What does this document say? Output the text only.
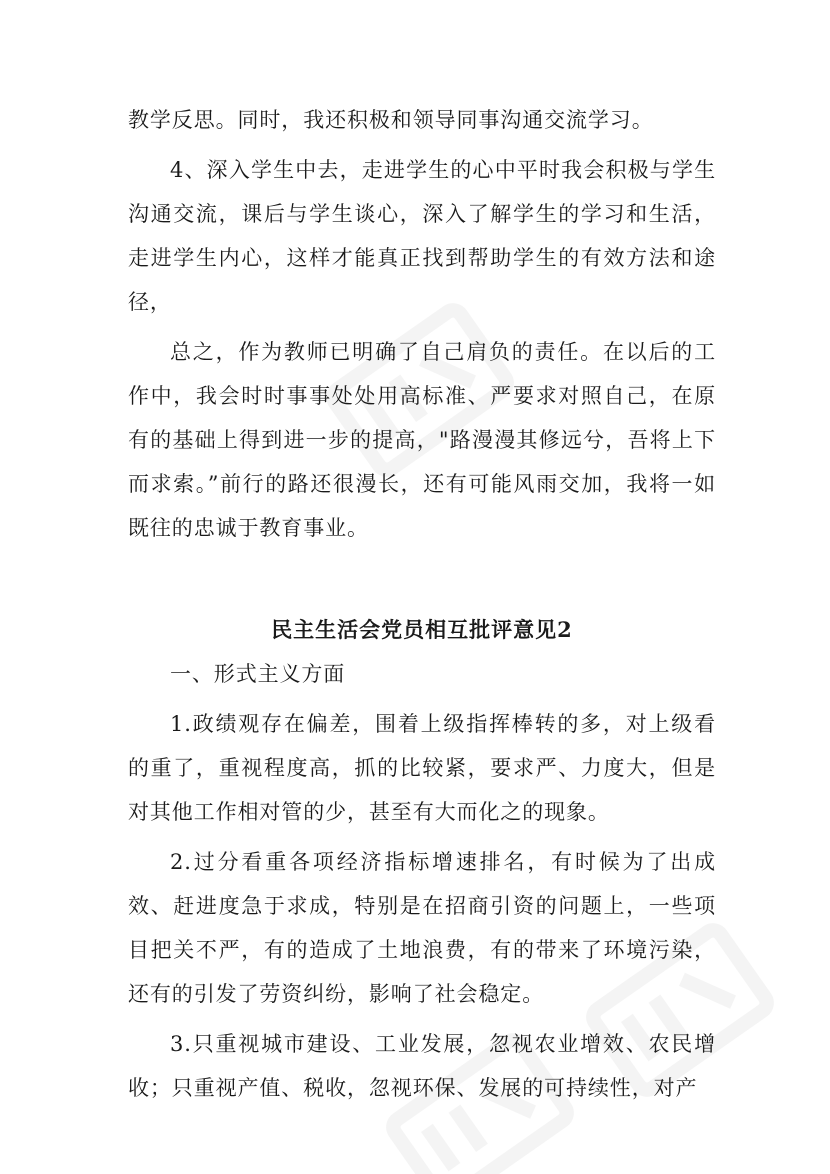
教学反思。同时，我还积极和领导同事沟通交流学习。

4、深入学生中去，走进学生的心中平时我会积极与学生沟通交流，课后与学生谈心，深入了解学生的学习和生活，走进学生内心，这样才能真正找到帮助学生的有效方法和途径，

总之，作为教师已明确了自己肩负的责任。在以后的工作中，我会时时事事处处用高标准、严要求对照自己，在原有的基础上得到进一步的提高，"路漫漫其修远兮，吾将上下而求索。”前行的路还很漫长，还有可能风雨交加，我将一如既往的忠诚于教育事业。

民主生活会党员相互批评意见2

一、形式主义方面

1.政绩观存在偏差，围着上级指挥棒转的多，对上级看的重了，重视程度高，抓的比较紧，要求严、力度大，但是对其他工作相对管的少，甚至有大而化之的现象。

2.过分看重各项经济指标增速排名，有时候为了出成效、赶进度急于求成，特别是在招商引资的问题上，一些项目把关不严，有的造成了土地浪费，有的带来了环境污染，还有的引发了劳资纠纷，影响了社会稳定。

3.只重视城市建设、工业发展，忽视农业增效、农民增收；只重视产值、税收，忽视环保、发展的可持续性，对产
